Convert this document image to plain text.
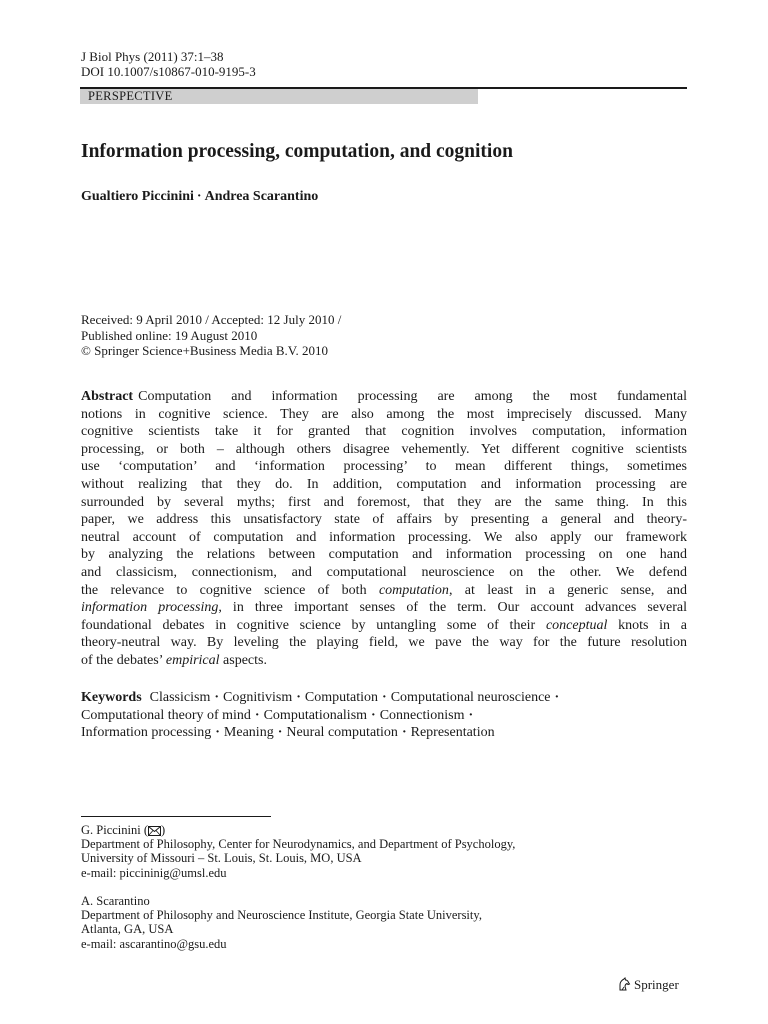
J Biol Phys (2011) 37:1–38
DOI 10.1007/s10867-010-9195-3
PERSPECTIVE
Information processing, computation, and cognition
Gualtiero Piccinini · Andrea Scarantino
Received: 9 April 2010 / Accepted: 12 July 2010 /
Published online: 19 August 2010
© Springer Science+Business Media B.V. 2010
Abstract Computation and information processing are among the most fundamental
notions in cognitive science. They are also among the most imprecisely discussed. Many
cognitive scientists take it for granted that cognition involves computation, information
processing, or both – although others disagree vehemently. Yet different cognitive scientists
use ‘computation’ and ‘information processing’ to mean different things, sometimes
without realizing that they do. In addition, computation and information processing are
surrounded by several myths; first and foremost, that they are the same thing. In this
paper, we address this unsatisfactory state of affairs by presenting a general and theory-
neutral account of computation and information processing. We also apply our framework
by analyzing the relations between computation and information processing on one hand
and classicism, connectionism, and computational neuroscience on the other. We defend
the relevance to cognitive science of both computation, at least in a generic sense, and
information processing, in three important senses of the term. Our account advances several
foundational debates in cognitive science by untangling some of their conceptual knots in a
theory-neutral way. By leveling the playing field, we pave the way for the future resolution
of the debates’ empirical aspects.
Keywords Classicism · Cognitivism · Computation · Computational neuroscience ·
Computational theory of mind · Computationalism · Connectionism ·
Information processing · Meaning · Neural computation · Representation
G. Piccinini ( )
Department of Philosophy, Center for Neurodynamics, and Department of Psychology,
University of Missouri – St. Louis, St. Louis, MO, USA
e-mail: piccininig@umsl.edu
A. Scarantino
Department of Philosophy and Neuroscience Institute, Georgia State University,
Atlanta, GA, USA
e-mail: ascarantino@gsu.edu
Springer
